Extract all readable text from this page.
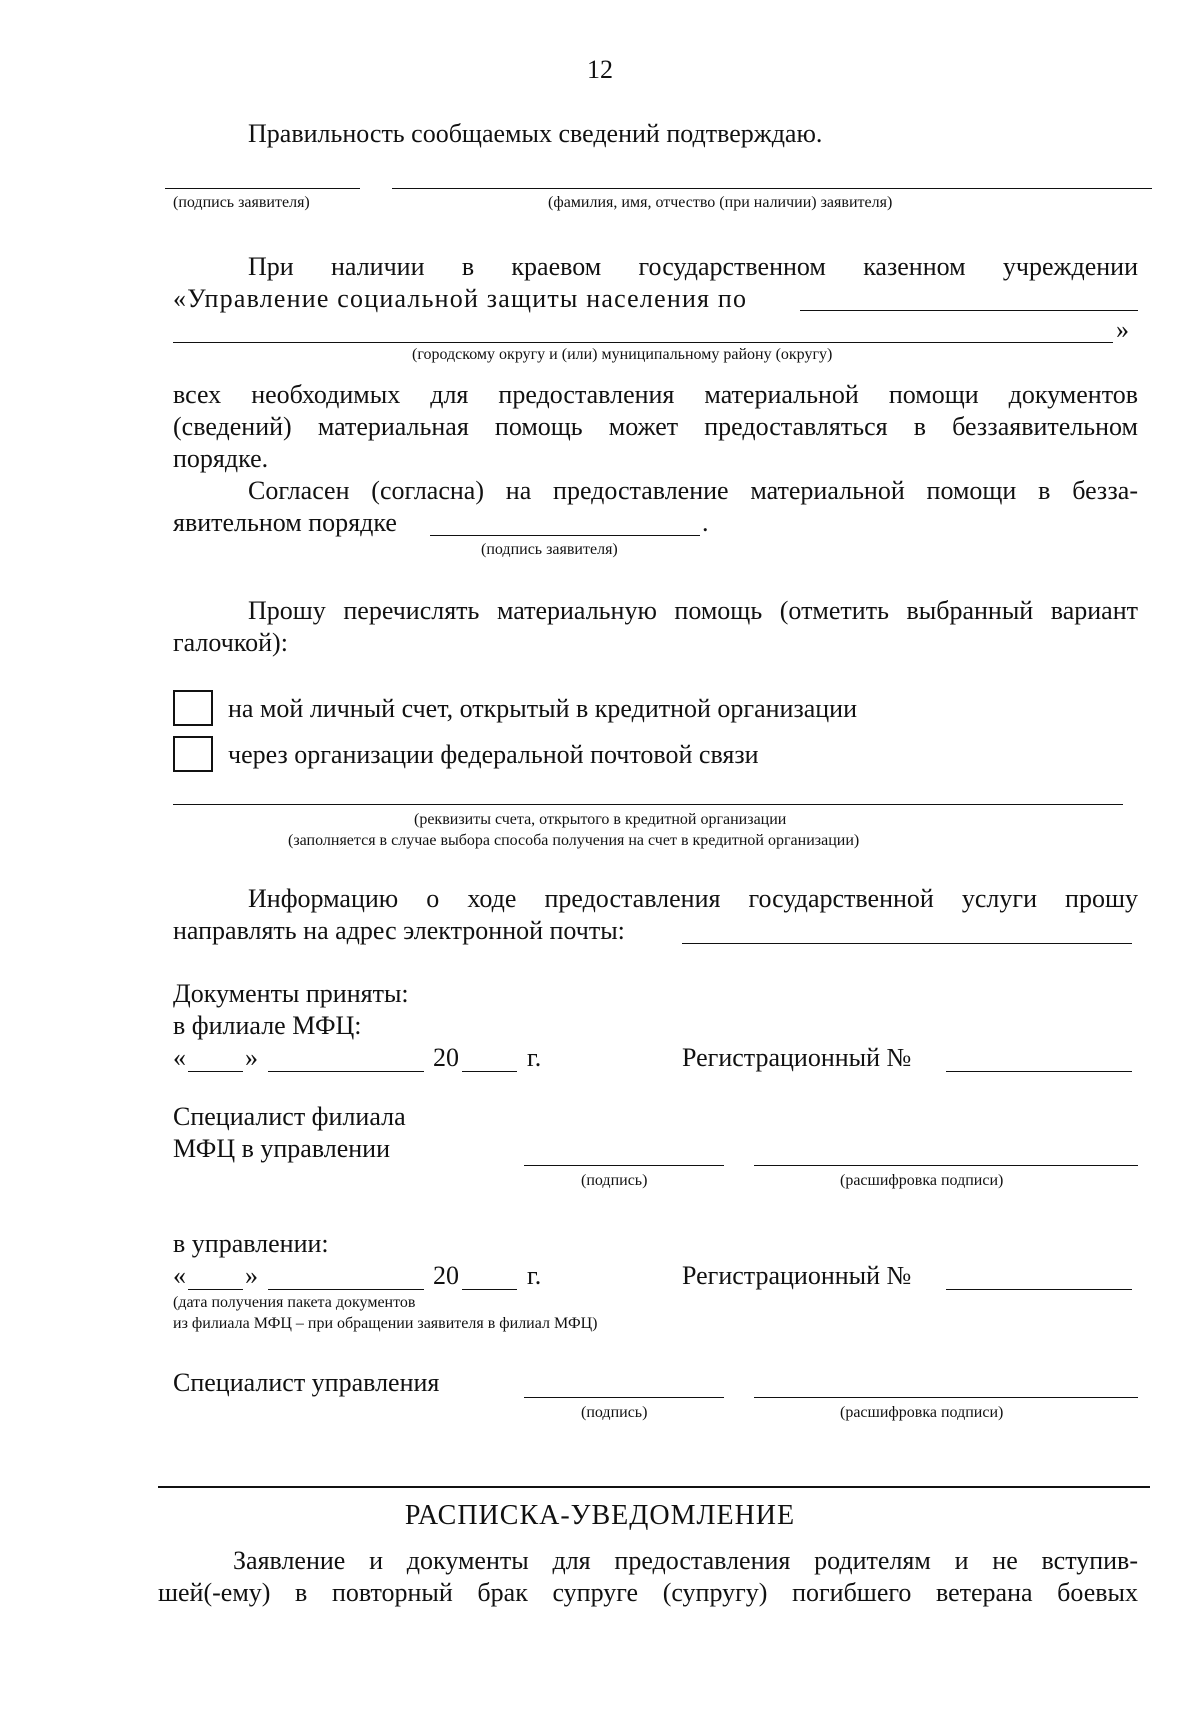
12
Правильность сообщаемых сведений подтверждаю.
(подпись заявителя)	(фамилия, имя, отчество (при наличии) заявителя)
При наличии в краевом государственном казенном учреждении
«Управление социальной защиты населения по
»
(городскому округу и (или) муниципальному району (округу)
всех необходимых для предоставления материальной помощи документов
(сведений) материальная помощь может предоставляться в беззаявительном
порядке.
Согласен (согласна) на предоставление материальной помощи в безза-
явительном порядке	.
(подпись заявителя)
Прошу перечислять материальную помощь (отметить выбранный вариант
галочкой):
на мой личный счет, открытый в кредитной организации
через организации федеральной почтовой связи
(реквизиты счета, открытого в кредитной организации
(заполняется в случае выбора способа получения на счет в кредитной организации)
Информацию о ходе предоставления государственной услуги прошу
направлять на адрес электронной почты:
Документы приняты:
в филиале МФЦ:
« »	20	г.	Регистрационный №
Специалист филиала
МФЦ в управлении
(подпись)	(расшифровка подписи)
в управлении:
« »	20	г.	Регистрационный №
(дата получения пакета документов
из филиала МФЦ – при обращении заявителя в филиал МФЦ)
Специалист управления
(подпись)	(расшифровка подписи)
РАСПИСКА-УВЕДОМЛЕНИЕ
Заявление и документы для предоставления родителям и не вступив-
шей(-ему) в повторный брак супруге (супругу) погибшего ветерана боевых
